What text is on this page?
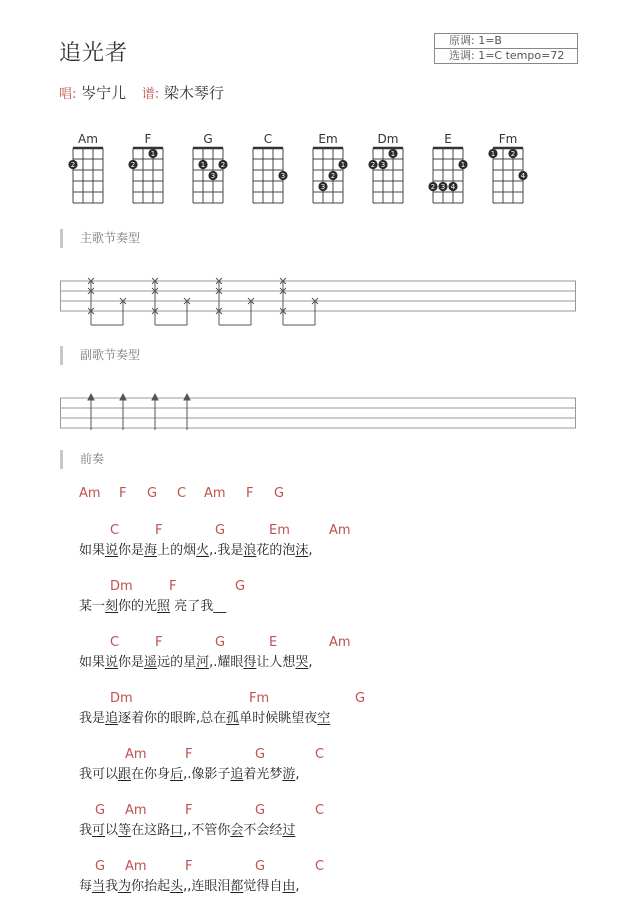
追光者
原调: 1=B
选调: 1=C tempo=72
唱: 岑宁儿 谱: 梁木琴行
Am
2
F
2
1
G
1
3
2
C
3
Em
3
2
1
Dm
2 3
1
E
2 3 4
1
Fm
1 2
4
主歌节奏型
副歌节奏型
前奏
Am F G C Am F G
C	F	G	Em	Am
如果说你是海上的烟火,.我是浪花的泡沫,
Dm	F	G
某一刻你的光照 亮了我__
C	F	G	E	Am
如果说你是遥远的星河,.耀眼得让人想哭,
Dm	Fm	G
我是追逐着你的眼眸,总在孤单时候眺望夜空
Am	F	G	C
我可以跟在你身后,.像影子追着光梦游,
G Am	F	G	C
我可以等在这路口,,不管你会不会经过
G Am	F	G	C
每当我为你抬起头,,连眼泪都觉得自由,
